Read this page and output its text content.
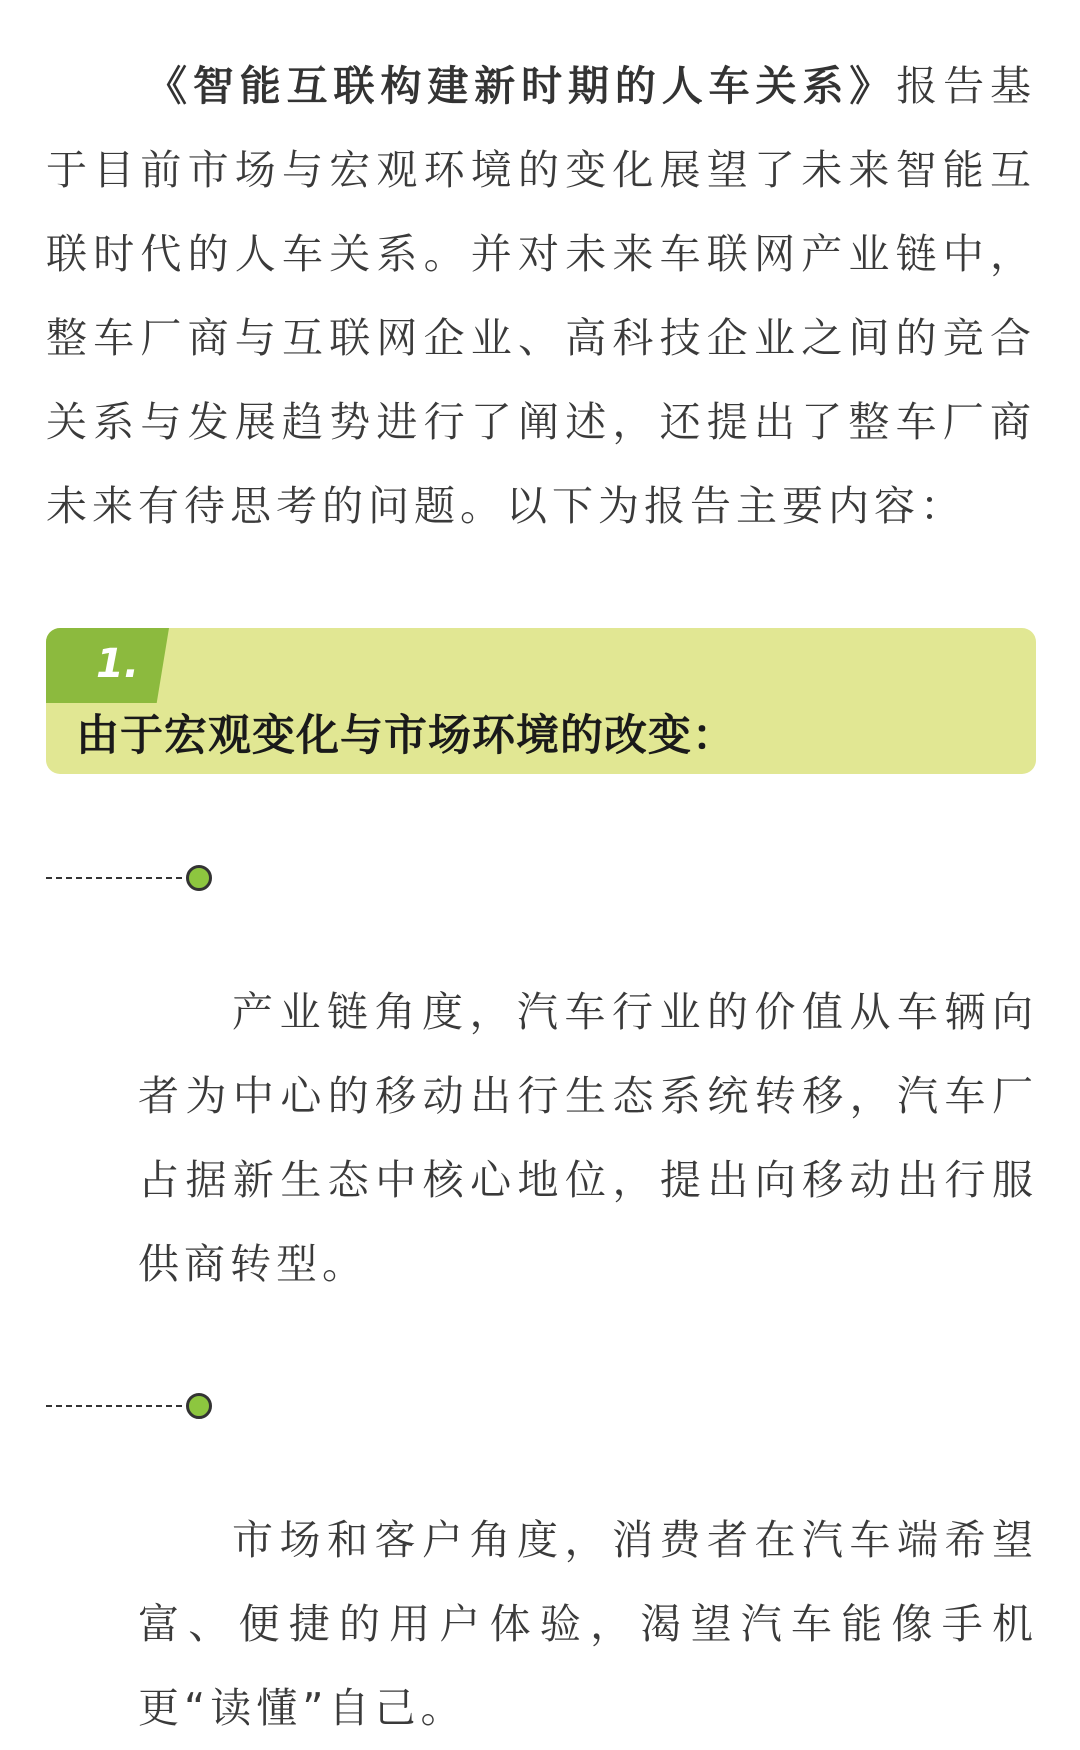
《智能互联构建新时期的人车关系》报告基于目前市场与宏观环境的变化展望了未来智能互联时代的人车关系。并对未来车联网产业链中，整车厂商与互联网企业、高科技企业之间的竞合关系与发展趋势进行了阐述，还提出了整车厂商未来有待思考的问题。以下为报告主要内容：

1.
由于宏观变化与市场环境的改变：

产业链角度，汽车行业的价值从车辆向者为中心的移动出行生态系统转移，汽车厂占据新生态中核心地位，提出向移动出行服供商转型。

市场和客户角度，消费者在汽车端希望富、便捷的用户体验，渴望汽车能像手机更“读懂”自己。
